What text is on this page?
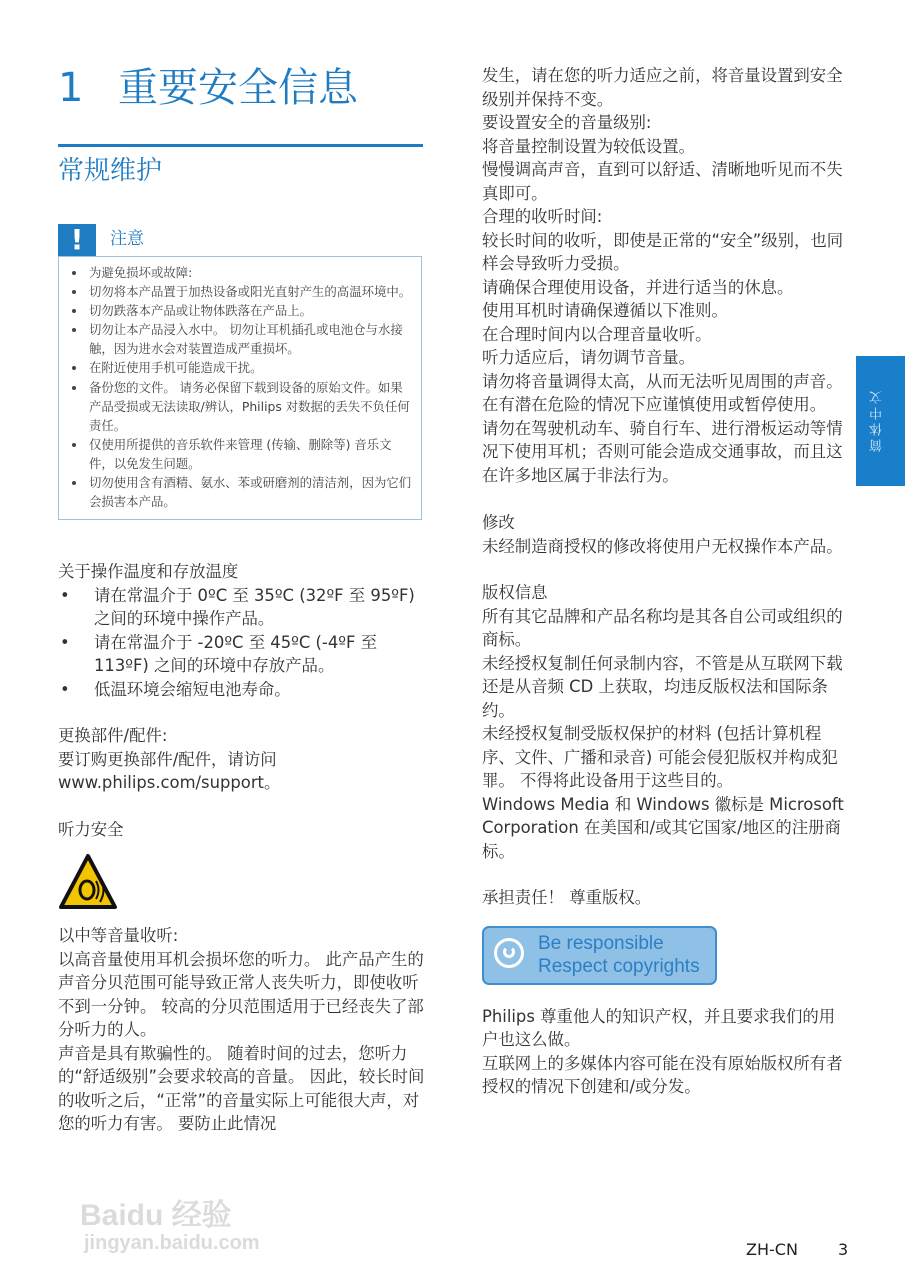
1 重要安全信息
常规维护
!	注意
• 为避免损坏或故障:
• 切勿将本产品置于加热设备或阳光直射产生的高温环境中。
• 切勿跌落本产品或让物体跌落在产品上。
• 切勿让本产品浸入水中。 切勿让耳机插孔或电池仓与水接触，因为进水会对装置造成严重损坏。
• 在附近使用手机可能造成干扰。
• 备份您的文件。 请务必保留下载到设备的原始文件。如果产品受损或无法读取/辨认，Philips 对数据的丢失不负任何责任。
• 仅使用所提供的音乐软件来管理 (传输、删除等) 音乐文件，以免发生问题。
• 切勿使用含有酒精、氨水、苯或研磨剂的清洁剂，因为它们会损害本产品。

关于操作温度和存放温度

• 请在常温介于 0ºC 至 35ºC (32ºF 至 95ºF) 之间的环境中操作产品。
• 请在常温介于 -20ºC 至 45ºC (-4ºF 至 113ºF) 之间的环境中存放产品。
• 低温环境会缩短电池寿命。

更换部件/配件:

要订购更换部件/配件，请访问 www.philips.com/support。

听力安全

以中等音量收听:

以高音量使用耳机会损坏您的听力。 此产品产生的声音分贝范围可能导致正常人丧失听力，即使收听不到一分钟。 较高的分贝范围适用于已经丧失了部分听力的人。

声音是具有欺骗性的。 随着时间的过去，您听力的“舒适级别”会要求较高的音量。 因此，较长时间的收听之后，“正常”的音量实际上可能很大声，对您的听力有害。 要防止此情况

发生，请在您的听力适应之前，将音量设置到安全级别并保持不变。

要设置安全的音量级别:

将音量控制设置为较低设置。

慢慢调高声音，直到可以舒适、清晰地听见而不失真即可。

合理的收听时间:

较长时间的收听，即使是正常的“安全”级别，也同样会导致听力受损。

请确保合理使用设备，并进行适当的休息。

使用耳机时请确保遵循以下准则。

在合理时间内以合理音量收听。

听力适应后，请勿调节音量。

请勿将音量调得太高，从而无法听见周围的声音。

在有潜在危险的情况下应谨慎使用或暂停使用。

请勿在驾驶机动车、骑自行车、进行滑板运动等情况下使用耳机；否则可能会造成交通事故，而且这在许多地区属于非法行为。

修改

未经制造商授权的修改将使用户无权操作本产品。

版权信息

所有其它品牌和产品名称均是其各自公司或组织的商标。

未经授权复制任何录制内容，不管是从互联网下载还是从音频 CD 上获取，均违反版权法和国际条约。

未经授权复制受版权保护的材料 (包括计算机程序、文件、广播和录音) 可能会侵犯版权并构成犯罪。 不得将此设备用于这些目的。

Windows Media 和 Windows 徽标是 Microsoft Corporation 在美国和/或其它国家/地区的注册商标。

承担责任！ 尊重版权。

Be responsible
Respect copyrights

Philips 尊重他人的知识产权，并且要求我们的用户也这么做。

互联网上的多媒体内容可能在没有原始版权所有者授权的情况下创建和/或分发。

简体中文
Baidu 经验
jingyan.baidu.com	ZH-CN	3
